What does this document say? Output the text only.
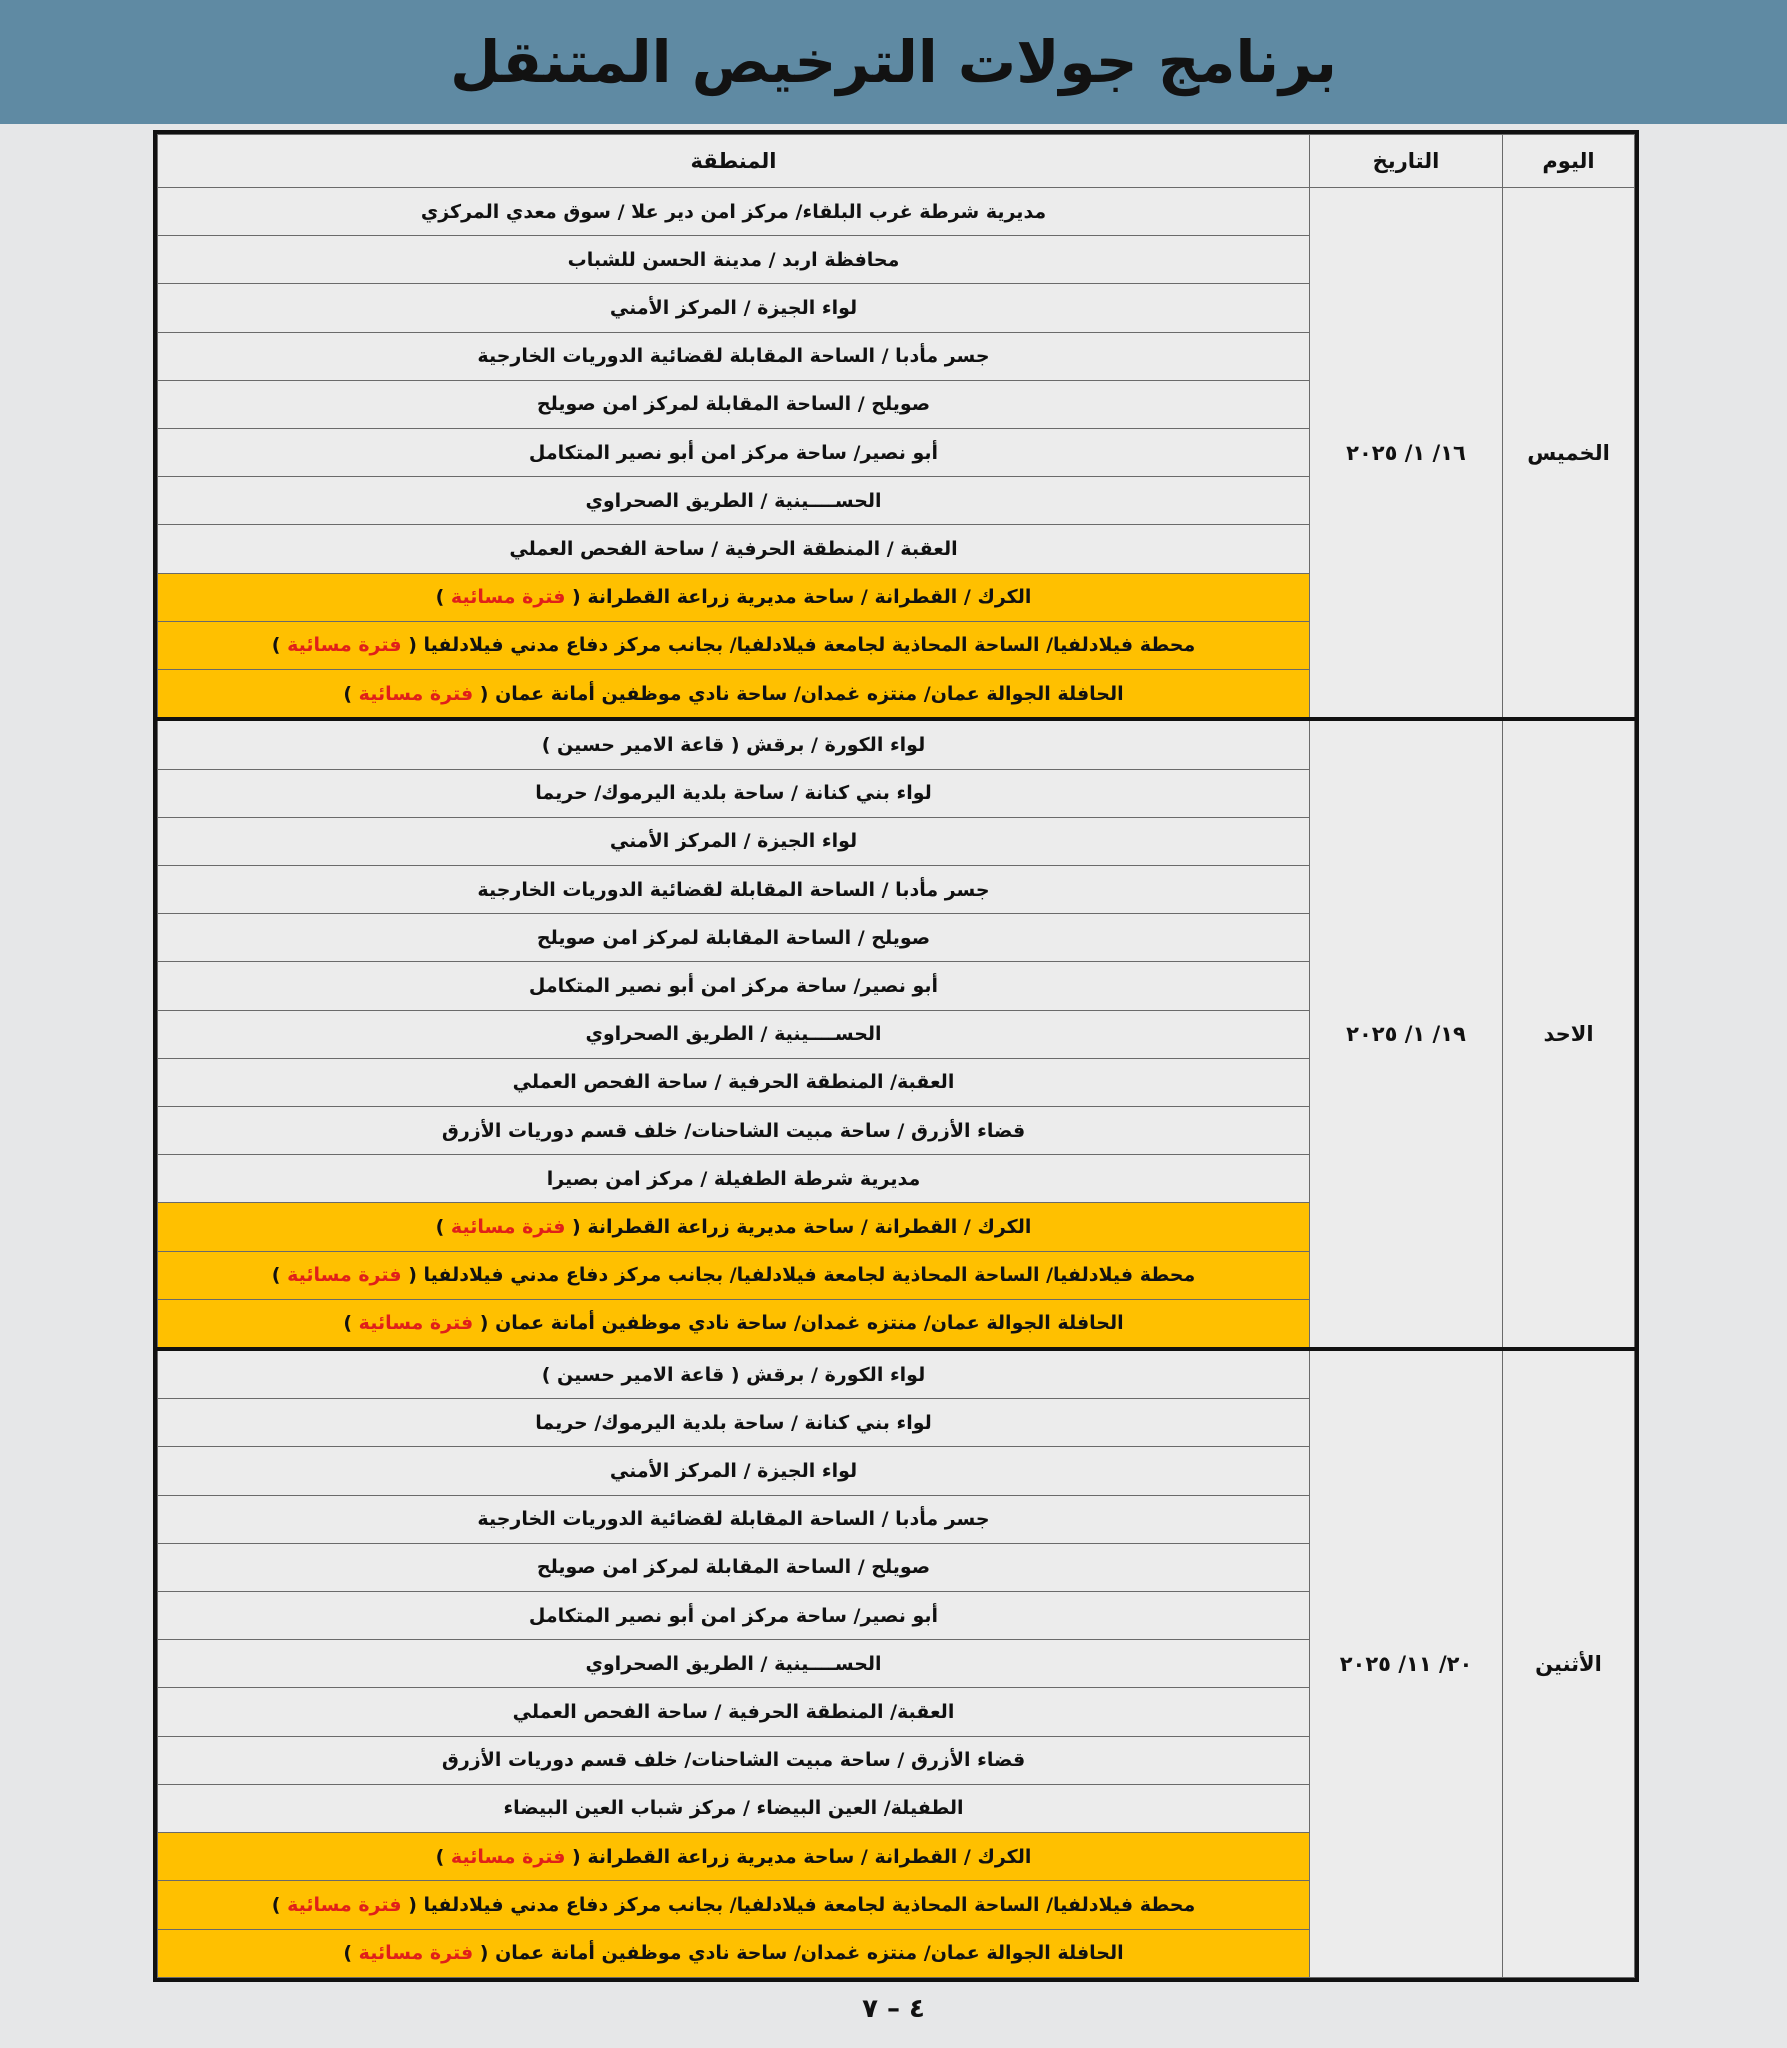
برنامج جولات الترخيص المتنقل
اليوم	التاريخ	المنطقة
الخميس	١٦/ ١/ ٢٠٢٥	مديرية شرطة غرب البلقاء/ مركز امن دير علا / سوق معدي المركزي
		محافظة اربد / مدينة الحسن للشباب
		لواء الجيزة / المركز الأمني
		جسر مأدبا / الساحة المقابلة لقضائية الدوريات الخارجية
		صويلح / الساحة المقابلة لمركز امن صويلح
		أبو نصير/ ساحة مركز امن أبو نصير المتكامل
		الحســــينية / الطريق الصحراوي
		العقبة / المنطقة الحرفية / ساحة الفحص العملي
		الكرك / القطرانة / ساحة مديرية زراعة القطرانة ( فترة مسائية )
		محطة فيلادلفيا/ الساحة المحاذية لجامعة فيلادلفيا/ بجانب مركز دفاع مدني فيلادلفيا ( فترة مسائية )
		الحافلة الجوالة عمان/ منتزه غمدان/ ساحة نادي موظفين أمانة عمان ( فترة مسائية )
الاحد	١٩/ ١/ ٢٠٢٥	لواء الكورة / برقش ( قاعة الامير حسين )
		لواء بني كنانة / ساحة بلدية اليرموك/ حريما
		لواء الجيزة / المركز الأمني
		جسر مأدبا / الساحة المقابلة لقضائية الدوريات الخارجية
		صويلح / الساحة المقابلة لمركز امن صويلح
		أبو نصير/ ساحة مركز امن أبو نصير المتكامل
		الحســــينية / الطريق الصحراوي
		العقبة/ المنطقة الحرفية / ساحة الفحص العملي
		قضاء الأزرق / ساحة مبيت الشاحنات/ خلف قسم دوريات الأزرق
		مديرية شرطة الطفيلة / مركز امن بصيرا
		الكرك / القطرانة / ساحة مديرية زراعة القطرانة ( فترة مسائية )
		محطة فيلادلفيا/ الساحة المحاذية لجامعة فيلادلفيا/ بجانب مركز دفاع مدني فيلادلفيا ( فترة مسائية )
		الحافلة الجوالة عمان/ منتزه غمدان/ ساحة نادي موظفين أمانة عمان ( فترة مسائية )
الأثنين	٢٠/ ١١/ ٢٠٢٥	لواء الكورة / برقش ( قاعة الامير حسين )
		لواء بني كنانة / ساحة بلدية اليرموك/ حريما
		لواء الجيزة / المركز الأمني
		جسر مأدبا / الساحة المقابلة لقضائية الدوريات الخارجية
		صويلح / الساحة المقابلة لمركز امن صويلح
		أبو نصير/ ساحة مركز امن أبو نصير المتكامل
		الحســــينية / الطريق الصحراوي
		العقبة/ المنطقة الحرفية / ساحة الفحص العملي
		قضاء الأزرق / ساحة مبيت الشاحنات/ خلف قسم دوريات الأزرق
		الطفيلة/ العين البيضاء / مركز شباب العين البيضاء
		الكرك / القطرانة / ساحة مديرية زراعة القطرانة ( فترة مسائية )
		محطة فيلادلفيا/ الساحة المحاذية لجامعة فيلادلفيا/ بجانب مركز دفاع مدني فيلادلفيا ( فترة مسائية )
		الحافلة الجوالة عمان/ منتزه غمدان/ ساحة نادي موظفين أمانة عمان ( فترة مسائية )
٤ – ٧
